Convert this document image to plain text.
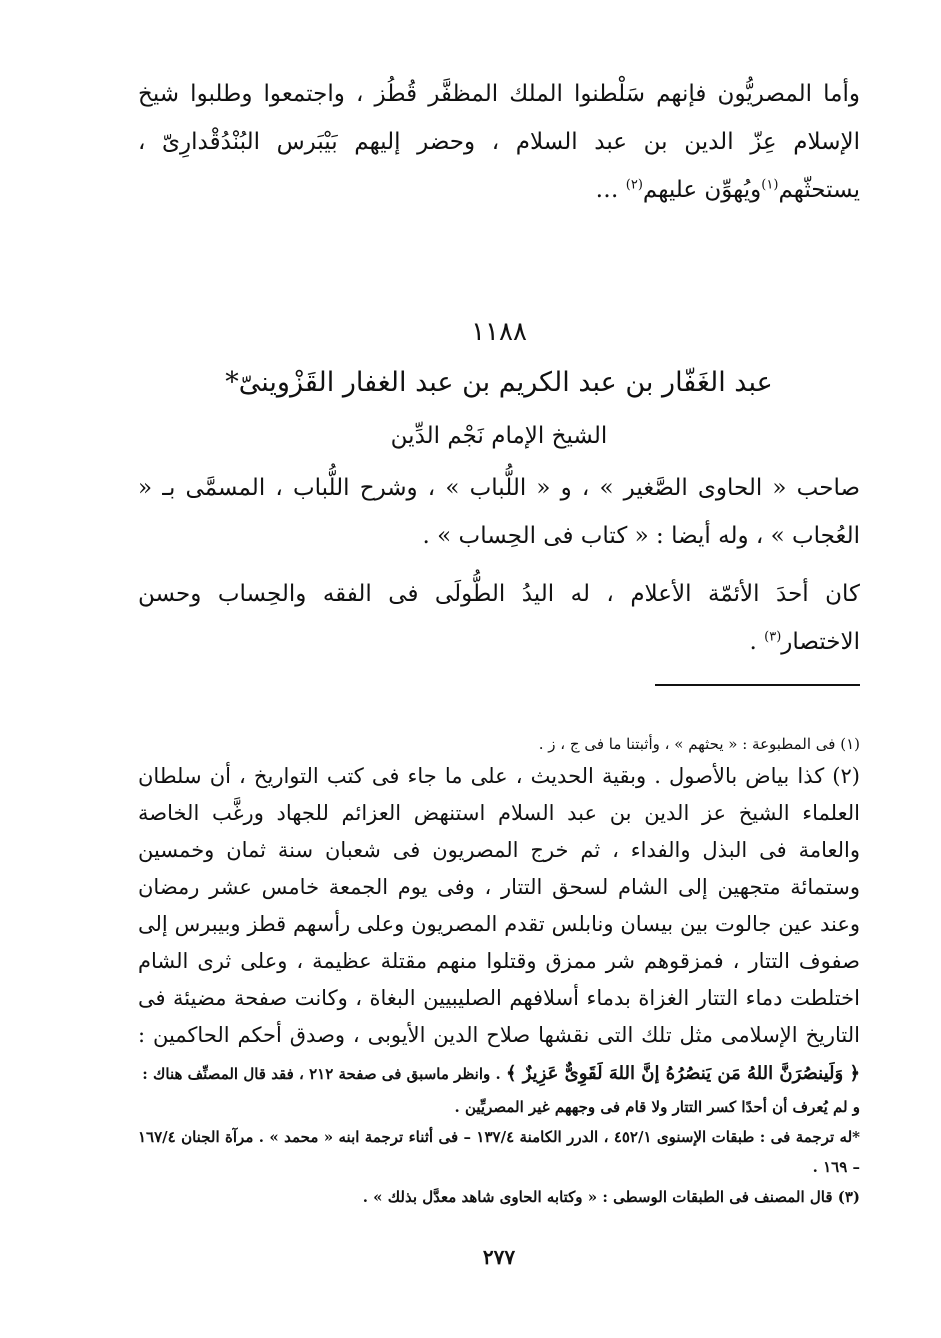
وأما المصريُّون فإنهم سَلْطنوا الملك المظفَّر قُطُز ، واجتمعوا وطلبوا شيخ الإسلام عِزّ الدين بن عبد السلام ، وحضر إليهم بَيْبَرس البُنْدُقْدارِىّ ، يستحثّهم$^{(١)}$ويُهوِّن عليهم$^{(٢)}$ …

١١٨٨
عبد الغَفّار بن عبد الكريم بن عبد الغفار القَزْوينىّ*
الشيخ الإمام نَجْم الدِّين

صاحب « الحاوى الصَّغير » ، و « اللُّباب » ، وشرح اللُّباب ، المسمَّى بـ « العُجاب » ، وله أيضا : « كتاب فى الحِساب » .

كان أحدَ الأئمّة الأعلام ، له اليدُ الطُّولَى فى الفقه والحِساب وحسن الاختصار$^{(٣)}$ .

(١) فى المطبوعة : « يحثهم » ، وأثبتنا ما فى ج ، ز .

(٢) كذا بياض بالأصول . وبقية الحديث ، على ما جاء فى كتب التواريخ ، أن سلطان العلماء الشيخ عز الدين بن عبد السلام استنهض العزائم للجهاد ورغَّب الخاصة والعامة فى البذل والفداء ، ثم خرج المصريون فى شعبان سنة ثمان وخمسين وستمائة متجهين إلى الشام لسحق التتار ، وفى يوم الجمعة خامس عشر رمضان وعند عين جالوت بين بيسان ونابلس تقدم المصريون وعلى رأسهم قطز وبيبرس إلى صفوف التتار ، فمزقوهم شر ممزق وقتلوا منهم مقتلة عظيمة ، وعلى ثرى الشام اختلطت دماء التتار الغزاة بدماء أسلافهم الصليبيين البغاة ، وكانت صفحة مضيئة فى التاريخ الإسلامى مثل تلك التى نقشها صلاح الدين الأيوبى ، وصدق أحكم الحاكمين : ﴿ وَلَينصُرَنَّ اللهُ مَن يَنصُرُهُ إنَّ اللهَ لَقَوِىٌّ عَزِيزٌ ﴾ . وانظر ماسبق فى صفحة ٢١٢ ، فقد قال المصنِّف هناك :

و لم يُعرف أن أحدًا كسر التتار ولا قام فى وجههم غير المصريِّين .

*له ترجمة فى : طبقات الإسنوى ٤٥٢/١ ، الدرر الكامنة ١٣٧/٤ – فى أثناء ترجمة ابنه « محمد » . مرآة الجنان ١٦٧/٤ – ١٦٩ .

(٣) قال المصنف فى الطبقات الوسطى : « وكتابه الحاوى شاهد معدَّل بذلك » .

٢٧٧
